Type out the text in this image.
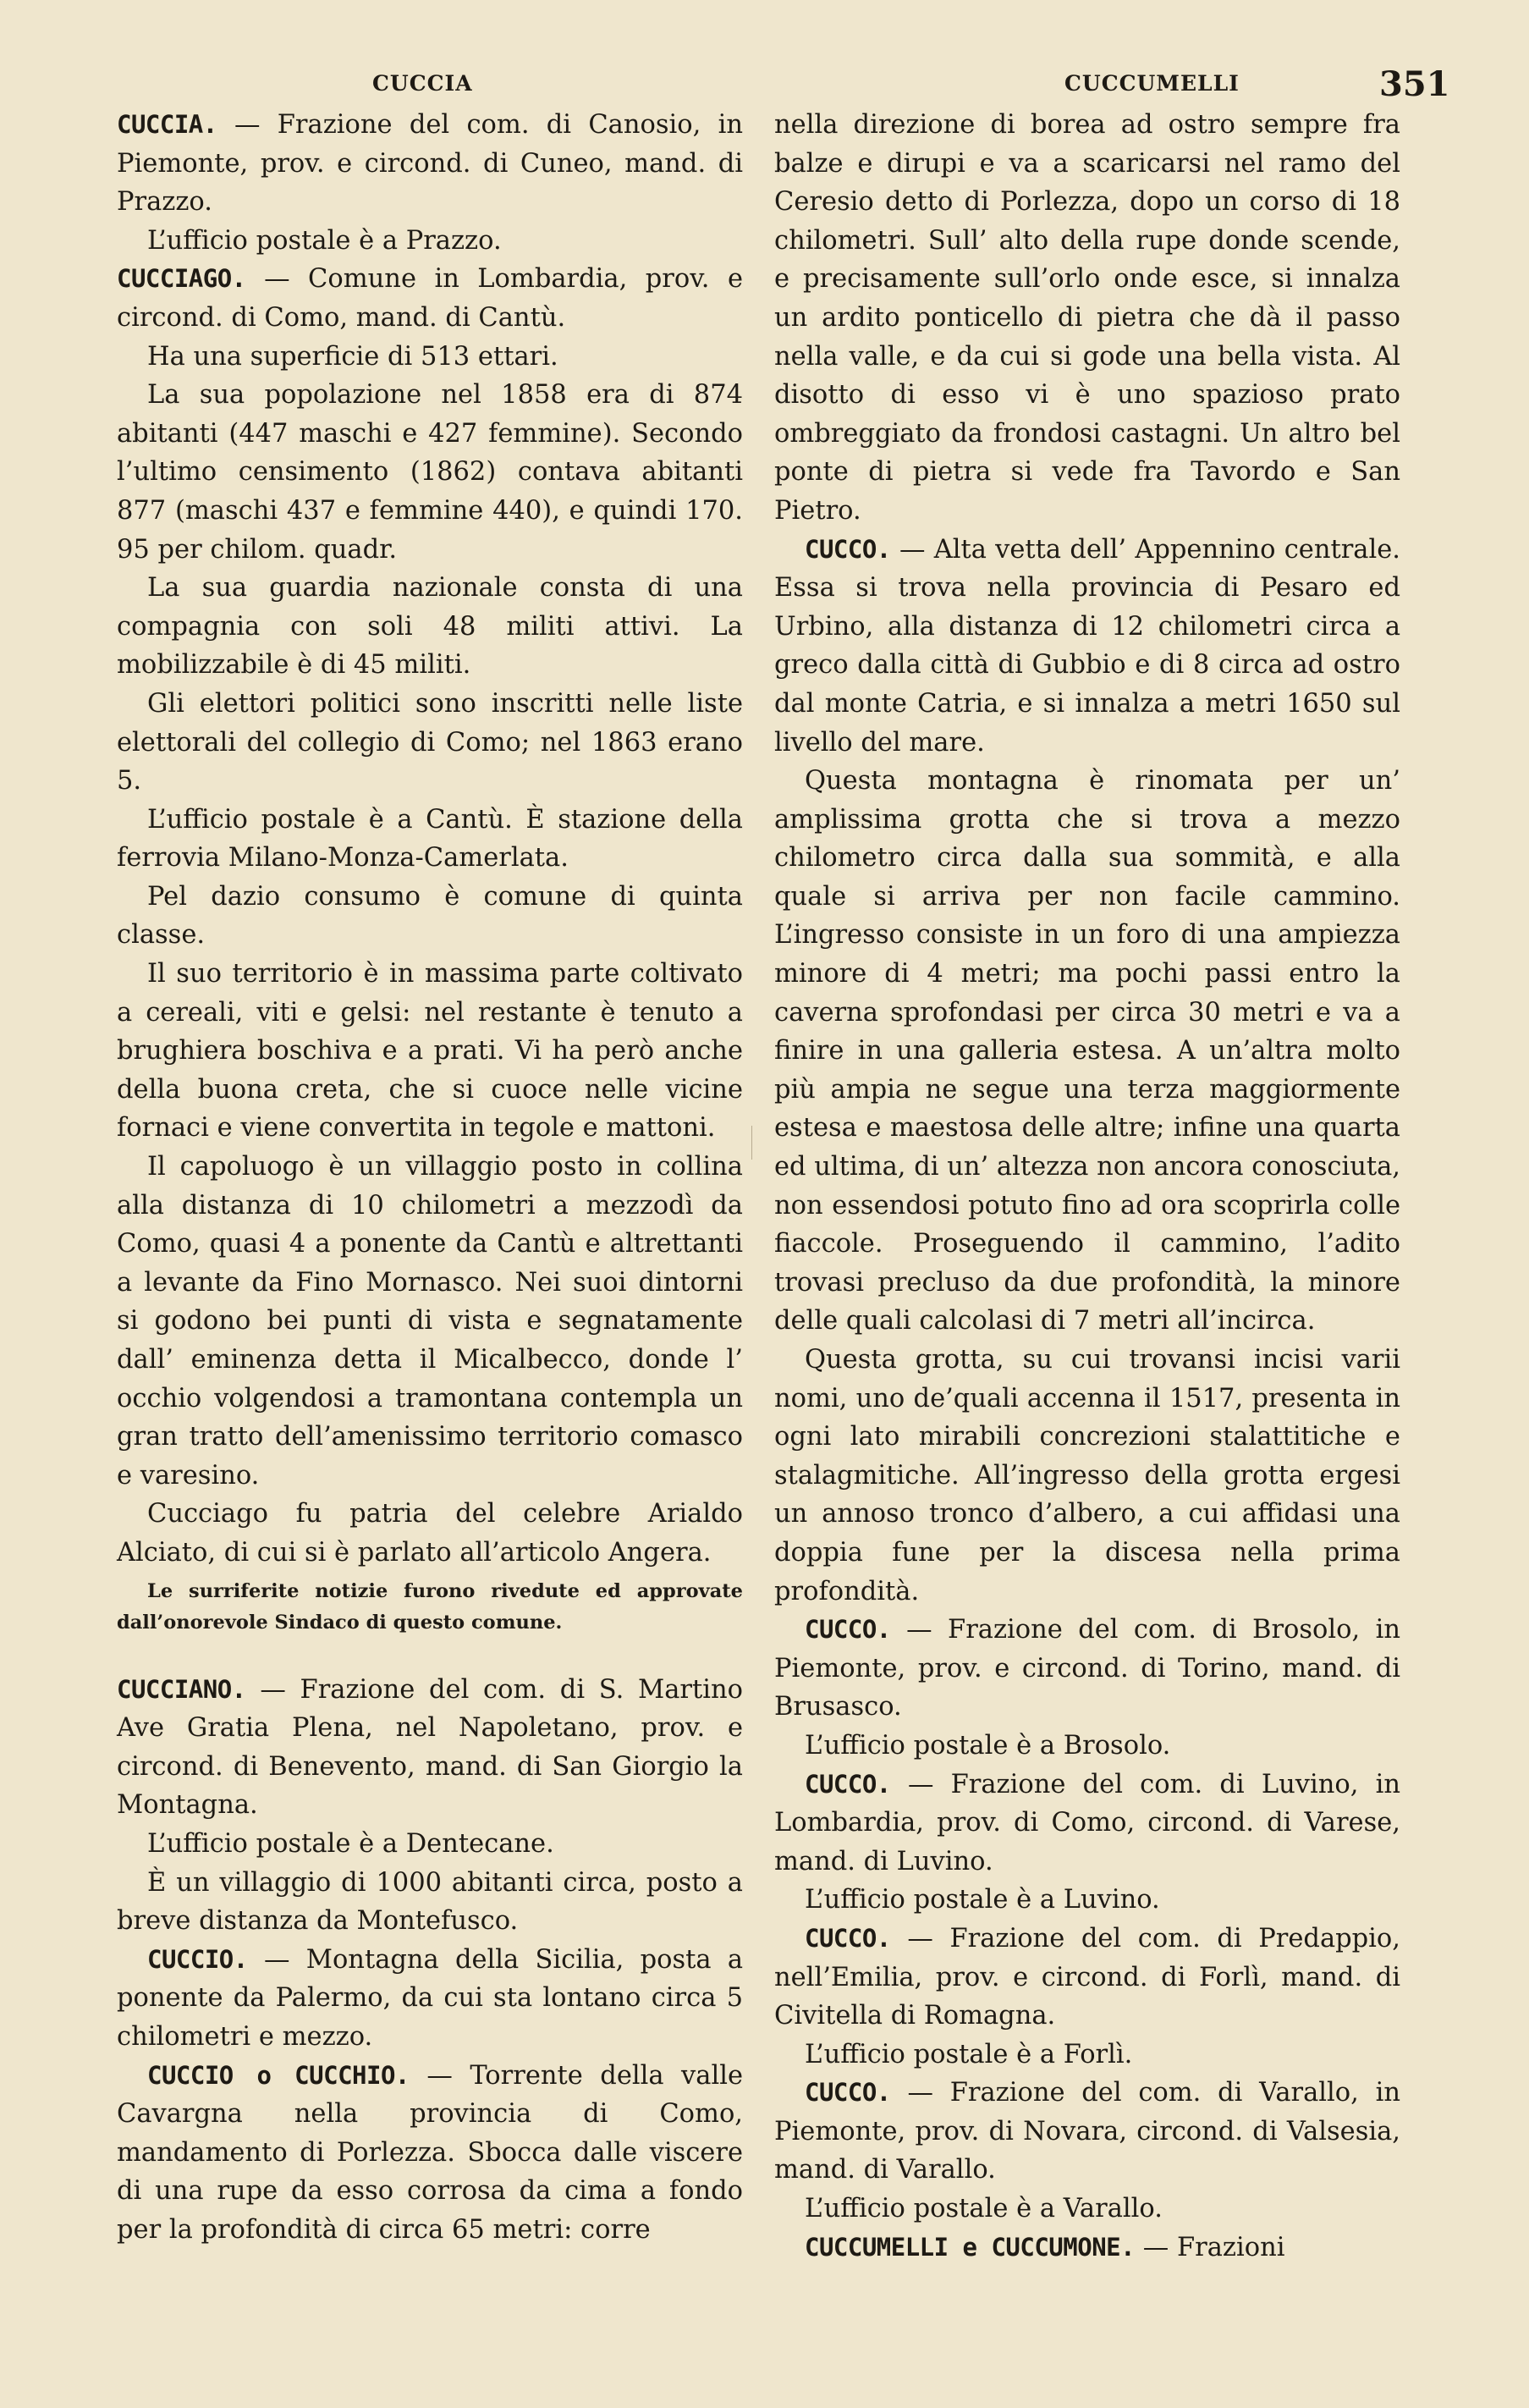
CUCCIA	CUCCUMELLI	351

CUCCIA. — Frazione del com. di Canosio, in Piemonte, prov. e circond. di Cuneo, mand. di Prazzo.

L’ufficio postale è a Prazzo.

CUCCIAGO. — Comune in Lombardia, prov. e circond. di Como, mand. di Cantù.

Ha una superficie di 513 ettari.

La sua popolazione nel 1858 era di 874 abitanti (447 maschi e 427 femmine). Secondo l’ultimo censimento (1862) contava abitanti 877 (maschi 437 e femmine 440), e quindi 170. 95 per chilom. quadr.

La sua guardia nazionale consta di una compagnia con soli 48 militi attivi. La mobilizzabile è di 45 militi.

Gli elettori politici sono inscritti nelle liste elettorali del collegio di Como; nel 1863 erano 5.

L’ufficio postale è a Cantù. È stazione della ferrovia Milano-Monza-Camerlata.

Pel dazio consumo è comune di quinta classe.

Il suo territorio è in massima parte coltivato a cereali, viti e gelsi: nel restante è tenuto a brughiera boschiva e a prati. Vi ha però anche della buona creta, che si cuoce nelle vicine fornaci e viene convertita in tegole e mattoni.

Il capoluogo è un villaggio posto in collina alla distanza di 10 chilometri a mezzodì da Como, quasi 4 a ponente da Cantù e altrettanti a levante da Fino Mornasco. Nei suoi dintorni si godono bei punti di vista e segnatamente dall’ eminenza detta il Micalbecco, donde l’ occhio volgendosi a tramontana contempla un gran tratto dell’amenissimo territorio comasco e varesino.

Cucciago fu patria del celebre Arialdo Alciato, di cui si è parlato all’articolo Angera.

Le surriferite notizie furono rivedute ed approvate dall’onorevole Sindaco di questo comune.

CUCCIANO. — Frazione del com. di S. Martino Ave Gratia Plena, nel Napoletano, prov. e circond. di Benevento, mand. di San Giorgio la Montagna.

L’ufficio postale è a Dentecane.

È un villaggio di 1000 abitanti circa, posto a breve distanza da Montefusco.

CUCCIO. — Montagna della Sicilia, posta a ponente da Palermo, da cui sta lontano circa 5 chilometri e mezzo.

CUCCIO o CUCCHIO. — Torrente della valle Cavargna nella provincia di Como, mandamento di Porlezza. Sbocca dalle viscere di una rupe da esso corrosa da cima a fondo per la profondità di circa 65 metri: corre

nella direzione di borea ad ostro sempre fra balze e dirupi e va a scaricarsi nel ramo del Ceresio detto di Porlezza, dopo un corso di 18 chilometri. Sull’ alto della rupe donde scende, e precisamente sull’orlo onde esce, si innalza un ardito ponticello di pietra che dà il passo nella valle, e da cui si gode una bella vista. Al disotto di esso vi è uno spazioso prato ombreggiato da frondosi castagni. Un altro bel ponte di pietra si vede fra Tavordo e San Pietro.

CUCCO. — Alta vetta dell’ Appennino centrale. Essa si trova nella provincia di Pesaro ed Urbino, alla distanza di 12 chilometri circa a greco dalla città di Gubbio e di 8 circa ad ostro dal monte Catria, e si innalza a metri 1650 sul livello del mare.

Questa montagna è rinomata per un’ amplissima grotta che si trova a mezzo chilometro circa dalla sua sommità, e alla quale si arriva per non facile cammino. L’ingresso consiste in un foro di una ampiezza minore di 4 metri; ma pochi passi entro la caverna sprofondasi per circa 30 metri e va a finire in una galleria estesa. A un’altra molto più ampia ne segue una terza maggiormente estesa e maestosa delle altre; infine una quarta ed ultima, di un’ altezza non ancora conosciuta, non essendosi potuto fino ad ora scoprirla colle fiaccole. Proseguendo il cammino, l’adito trovasi precluso da due profondità, la minore delle quali calcolasi di 7 metri all’incirca.

Questa grotta, su cui trovansi incisi varii nomi, uno de’quali accenna il 1517, presenta in ogni lato mirabili concrezioni stalattitiche e stalagmitiche. All’ingresso della grotta ergesi un annoso tronco d’albero, a cui affidasi una doppia fune per la discesa nella prima profondità.

CUCCO. — Frazione del com. di Brosolo, in Piemonte, prov. e circond. di Torino, mand. di Brusasco.

L’ufficio postale è a Brosolo.

CUCCO. — Frazione del com. di Luvino, in Lombardia, prov. di Como, circond. di Varese, mand. di Luvino.

L’ufficio postale è a Luvino.

CUCCO. — Frazione del com. di Predappio, nell’Emilia, prov. e circond. di Forlì, mand. di Civitella di Romagna.

L’ufficio postale è a Forlì.

CUCCO. — Frazione del com. di Varallo, in Piemonte, prov. di Novara, circond. di Valsesia, mand. di Varallo.

L’ufficio postale è a Varallo.

CUCCUMELLI e CUCCUMONE. — Frazioni
